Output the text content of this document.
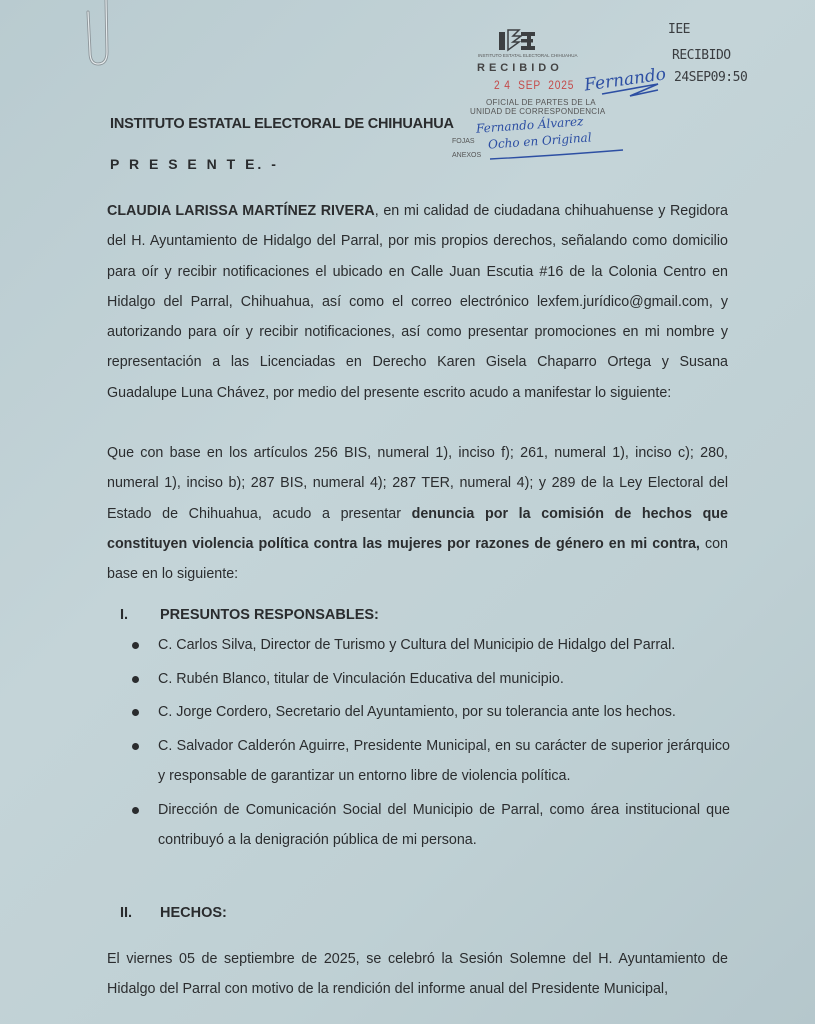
INSTITUTO ESTATAL ELECTORAL CHIHUAHUA
RECIBIDO
2 4  SEP  2025 Fernando
OFICIAL DE PARTES DE LA
UNIDAD DE CORRESPONDENCIA
Fernando Álvarez
FOJAS Ocho en Original
ANEXOS
IEE
RECIBIDO
24SEP09:50
INSTITUTO ESTATAL ELECTORAL DE CHIHUAHUA
P R E S E N T E. -
CLAUDIA LARISSA MARTÍNEZ RIVERA, en mi calidad de ciudadana chihuahuense y Regidora del H. Ayuntamiento de Hidalgo del Parral, por mis propios derechos, señalando como domicilio para oír y recibir notificaciones el ubicado en Calle Juan Escutia #16 de la Colonia Centro en Hidalgo del Parral, Chihuahua, así como el correo electrónico lexfem.jurídico@gmail.com, y autorizando para oír y recibir notificaciones, así como presentar promociones en mi nombre y representación a las Licenciadas en Derecho Karen Gisela Chaparro Ortega y Susana Guadalupe Luna Chávez, por medio del presente escrito acudo a manifestar lo siguiente:
Que con base en los artículos 256 BIS, numeral 1), inciso f); 261, numeral 1), inciso c); 280, numeral 1), inciso b); 287 BIS, numeral 4); 287 TER, numeral 4); y 289 de la Ley Electoral del Estado de Chihuahua, acudo a presentar denuncia por la comisión de hechos que constituyen violencia política contra las mujeres por razones de género en mi contra, con base en lo siguiente:
I. PRESUNTOS RESPONSABLES:
C. Carlos Silva, Director de Turismo y Cultura del Municipio de Hidalgo del Parral.
C. Rubén Blanco, titular de Vinculación Educativa del municipio.
C. Jorge Cordero, Secretario del Ayuntamiento, por su tolerancia ante los hechos.
C. Salvador Calderón Aguirre, Presidente Municipal, en su carácter de superior jerárquico y responsable de garantizar un entorno libre de violencia política.
Dirección de Comunicación Social del Municipio de Parral, como área institucional que contribuyó a la denigración pública de mi persona.
II. HECHOS:
El viernes 05 de septiembre de 2025, se celebró la Sesión Solemne del H. Ayuntamiento de Hidalgo del Parral con motivo de la rendición del informe anual del Presidente Municipal,
